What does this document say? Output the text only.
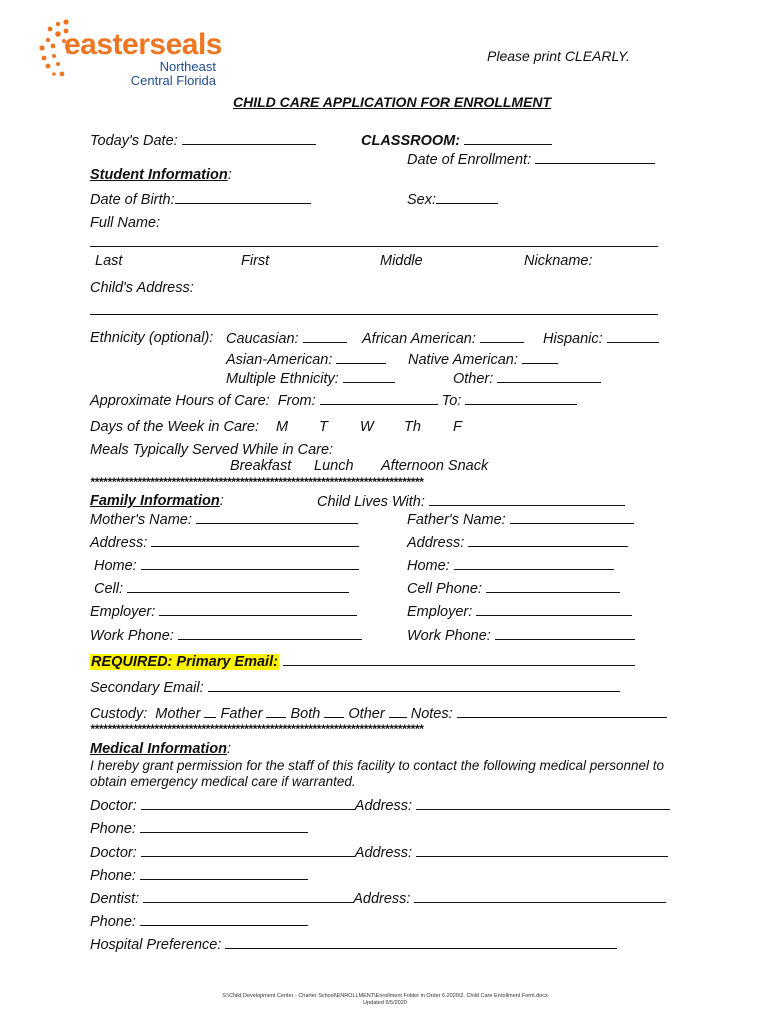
easterseals
Northeast
Central Florida
Please print CLEARLY.
CHILD CARE APPLICATION FOR ENROLLMENT
Today's Date:	CLASSROOM:
Date of Enrollment:
Student Information:
Date of Birth:	Sex:
Full Name:
Last	First	Middle	Nickname:
Child's Address:
Ethnicity (optional): Caucasian:	African American:	Hispanic:
Asian-American:	Native American:
Multiple Ethnicity:	Other:
Approximate Hours of Care: From:	To:
Days of the Week in Care: M T W Th F
Meals Typically Served While in Care:
Breakfast Lunch Afternoon Snack
******************************************************************************
Family Information:	Child Lives With:
Mother's Name:	Father's Name:
Address:	Address:
Home:	Home:
Cell:	Cell Phone:
Employer:	Employer:
Work Phone:	Work Phone:
REQUIRED: Primary Email:
Secondary Email:
Custody: Mother Father Both Other Notes:
******************************************************************************
Medical Information:
I hereby grant permission for the staff of this facility to contact the following medical personnel to obtain emergency medical care if warranted.
Doctor:	Address:
Phone:
Doctor:	Address:
Phone:
Dentist:	Address:
Phone:
Hospital Preference:
S:\Child Development Center - Charter School\ENROLLMENT\Enrollment Folder in Order 6.2020\2. Child Care Enrollment Form.docx
Updated 6/5/2020
